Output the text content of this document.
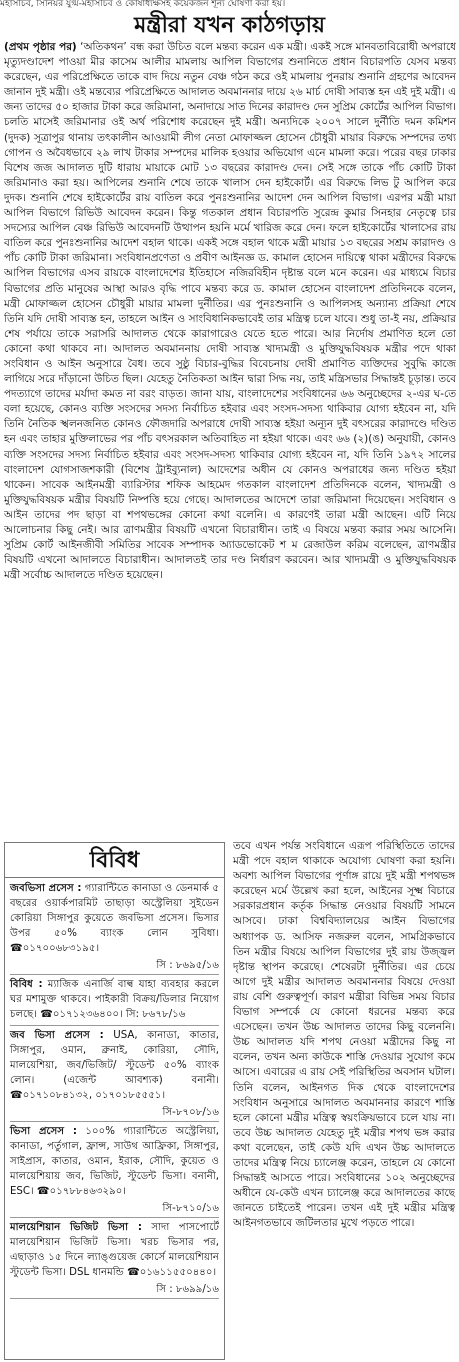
মহাসচিব, সিনিয়র যুগ্ম-মহাসচিব ও কোষাধ্যক্ষসহ কয়েকজন শূন্য ঘোষণা করা হয়।
মন্ত্রীরা যখন কাঠগড়ায়

(প্রথম পৃষ্ঠার পর) ‘অতিকথন’ বন্ধ করা উচিত বলে মন্তব্য করেন এক মন্ত্রী। একই সঙ্গে মানবতাবিরোধী অপরাধে মৃত্যুদণ্ডাদেশ পাওয়া মীর কাসেম আলীর মামলায় আপিল বিভাগের শুনানিতে প্রধান বিচারপতি যেসব মন্তব্য করেছেন, এর পরিপ্রেক্ষিতে তাকে বাদ দিয়ে নতুন বেঞ্চ গঠন করে ওই মামলায় পুনরায় শুনানি গ্রহণের আবেদন জানান দুই মন্ত্রী। ওই মন্তব্যের পরিপ্রেক্ষিতে আদালত অবমাননার দায়ে ২৬ মার্চ দোষী সাব্যস্ত হন এই দুই মন্ত্রী। এ জন্য তাদের ৫০ হাজার টাকা করে জরিমানা, অনাদায়ে সাত দিনের কারাদণ্ড দেন সুপ্রিম কোর্টের আপিল বিভাগ। চলতি মাসেই জরিমানার ওই অর্থ পরিশোধ করেছেন দুই মন্ত্রী। অন্যদিকে ২০০৭ সালে দুর্নীতি দমন কমিশন (দুদক) সূত্রাপুর থানায় তৎকালীন আওয়ামী লীগ নেতা মোফাজ্জল হোসেন চৌধুরী মায়ার বিরুদ্ধে সম্পদের তথ্য গোপন ও অবৈধভাবে ২৯ লাখ টাকার সম্পদের মালিক হওয়ার অভিযোগ এনে মামলা করে। পরের বছর ঢাকার বিশেষ জজ আদালত দুটি ধারায় মায়াকে মোট ১৩ বছরের কারাদণ্ড দেন। সেই সঙ্গে তাকে পাঁচ কোটি টাকা জরিমানাও করা হয়। আপিলের শুনানি শেষে তাকে খালাস দেন হাইকোর্ট। এর বিরুদ্ধে লিভ টু আপিল করে দুদক। শুনানি শেষে হাইকোর্টের রায় বাতিল করে পুনঃশুনানির আদেশ দেন আপিল বিভাগ। এরপর মন্ত্রী মায়া আপিল বিভাগে রিভিউ আবেদন করেন। কিন্তু গতকাল প্রধান বিচারপতি সুরেন্দ্র কুমার সিনহার নেতৃত্বে চার সদস্যের আপিল বেঞ্চ রিভিউ আবেদনটি উত্থাপন হয়নি মর্মে খারিজ করে দেন। ফলে হাইকোর্টের খালাসের রায় বাতিল করে পুনঃশুনানির আদেশ বহাল থাকে। একই সঙ্গে বহাল থাকে মন্ত্রী মায়ার ১৩ বছরের সশ্রম কারাদণ্ড ও পাঁচ কোটি টাকা জরিমানা। সংবিধানপ্রণেতা ও প্রবীণ আইনজ্ঞ ড. কামাল হোসেন দায়িত্বে থাকা মন্ত্রীদের বিরুদ্ধে আপিল বিভাগের এসব রায়কে বাংলাদেশের ইতিহাসে নজিরবিহীন দৃষ্টান্ত বলে মনে করেন। এর মাধ্যমে বিচার বিভাগের প্রতি মানুষের আস্থা আরও বৃদ্ধি পাবে মন্তব্য করে ড. কামাল হোসেন বাংলাদেশ প্রতিদিনকে বলেন, মন্ত্রী মোফাজ্জল হোসেন চৌধুরী মায়ার মামলা দুর্নীতির। এর পুনঃশুনানি ও আপিলসহ অন্যান্য প্রক্রিয়া শেষে তিনি যদি দোষী সাব্যস্ত হন, তাহলে আইন ও সাংবিধানিকভাবেই তার মন্ত্রিত্ব চলে যাবে। শুধু তা-ই নয়, প্রক্রিয়ার শেষ পর্যায়ে তাকে সরাসরি আদালত থেকে কারাগারেও যেতে হতে পারে। আর নির্দোষ প্রমাণিত হলে তো কোনো কথা থাকবে না। আদালত অবমাননায় দোষী সাব্যস্ত খাদ্যমন্ত্রী ও মুক্তিযুদ্ধবিষয়ক মন্ত্রীর পদে থাকা সংবিধান ও আইন অনুসারে বৈধ। তবে সুষ্ঠু বিচার-বুদ্ধির বিবেচনায় দোষী প্রমাণিত ব্যক্তিদের সুবুদ্ধি কাজে লাগিয়ে সরে দাঁড়ানো উচিত ছিল। যেহেতু নৈতিকতা আইন দ্বারা সিদ্ধ নয়, তাই মন্ত্রিসভার সিদ্ধান্তই চূড়ান্ত। তবে পদত্যাগে তাদের মর্যাদা কমত না বরং বাড়ত। জানা যায়, বাংলাদেশের সংবিধানের ৬৬ অনুচ্ছেদের ২-এর ঘ-তে বলা হয়েছে, কোনও ব্যক্তি সংসদের সদস্য নির্বাচিত হইবার এবং সংসদ-সদস্য থাকিবার যোগ্য হইবেন না, যদি তিনি নৈতিক স্খলনজনিত কোনও ফৌজদারি অপরাধে দোষী সাব্যস্ত হইয়া অন্যূন দুই বৎসরের কারাদণ্ডে দণ্ডিত হন এবং তাহার মুক্তিলাভের পর পাঁচ বৎসরকাল অতিবাহিত না হইয়া থাকে। এবং ৬৬ (২)(ঙ) অনুযায়ী, কোনও ব্যক্তি সংসদের সদস্য নির্বাচিত হইবার এবং সংসদ-সদস্য থাকিবার যোগ্য হইবেন না, যদি তিনি ১৯৭২ সালের বাংলাদেশ যোগসাজশকারী (বিশেষ ট্রাইব্যুনাল) আদেশের অধীন যে কোনও অপরাধের জন্য দণ্ডিত হইয়া থাকেন। সাবেক আইনমন্ত্রী ব্যারিস্টার শফিক আহমেদ গতকাল বাংলাদেশ প্রতিদিনকে বলেন, খাদ্যমন্ত্রী ও মুক্তিযুদ্ধবিষয়ক মন্ত্রীর বিষয়টি নিষ্পত্তি হয়ে গেছে। আদালতের আদেশে তারা জরিমানা দিয়েছেন। সংবিধান ও আইন তাদের পদ ছাড়া বা শপথভঙ্গের কোনো কথা বলেনি। এ কারণেই তারা মন্ত্রী আছেন। এটি নিয়ে আলোচনার কিছু নেই। আর ত্রাণমন্ত্রীর বিষয়টি এখনো বিচারাধীন। তাই এ বিষয়ে মন্তব্য করার সময় আসেনি। সুপ্রিম কোর্ট আইনজীবী সমিতির সাবেক সম্পাদক অ্যাডভোকেট শ ম রেজাউল করিম বলেছেন, ত্রাণমন্ত্রীর বিষয়টি এখনো আদালতে বিচারাধীন। আদালতই তার দণ্ড নির্ধারণ করবেন। আর খাদ্যমন্ত্রী ও মুক্তিযুদ্ধবিষয়ক মন্ত্রী সর্বোচ্চ আদালতে দণ্ডিত হয়েছেন।

বিবিধ
জবভিসা প্রসেস : গ্যারান্টিতে কানাডা ও ডেনমার্ক ৫ বছরের ওয়ার্কপারমিট তাছাড়া অস্ট্রেলিয়া সুইডেন কোরিয়া সিঙ্গাপুর কুয়েতে জবভিসা প্রসেস। ভিসার উপর ৫০% ব্যাংক লোন সুবিধা। ☎০১৭০০৬৮৩১৯৫।
সি : ৮৬৯৫/১৬
বিবিধ : ম্যাজিক এনার্জি বাল্ব যাহা ব্যবহার করলে ঘর মশামুক্ত থাকবে। পাইকারী বিক্রয়/ডিলার নিয়োগ চলছে। ☎০১৭১২৩৬৪০০। সি: ৮৬৭৮/১৬
জব ভিসা প্রসেস : USA, কানাডা, কাতার, সিঙ্গাপুর, ওমান, ব্রুনাই, কোরিয়া, সৌদি, মালয়েশিয়া, জব/ভিজিট/ স্টুডেন্ট ৫০% ব্যাংক লোন। (এজেন্ট আবশ্যক) বনানী। ☎০১৭১০৮৪১৩২, ০১৭০১৮৫৫৫১।
সি-৮৭০৮/১৬
ভিসা প্রসেস : ১০০% গ্যারান্টিতে অস্ট্রেলিয়া, কানাডা, পর্তুগাল, ফ্রান্স, সাউথ আফ্রিকা, সিঙ্গাপুর, সাইপ্রাস, কাতার, ওমান, ইরাক, সৌদি, কুয়েত ও মালয়েশিয়ায় জব, ভিজিট, স্টুডেন্ট ভিসা। বনানী, ESC। ☎০১৭৮৮৪৬৩২৯০।
সি-৮৭১০/১৬
মালয়েশিয়ান ভিজিট ভিসা : সাদা পাসপোর্টে মালয়েশিয়ান ভিজিট ভিসা। খরচ ভিসার পর, এছাড়াও ১৫ দিনে ল্যাঙ্গুয়েজ কোর্সে মালয়েশিয়ান স্টুডেন্ট ভিসা। DSL ধানমন্ডি ☎০১৬১১৫৫০৪৪০।
সি : ৮৬৯৯/১৬

তবে এখন পর্যন্ত সংবিধানে এরূপ পরিস্থিতিতে তাদের মন্ত্রী পদে বহাল থাকাকে অযোগ্য ঘোষণা করা হয়নি। অবশ্য আপিল বিভাগের পূর্ণাঙ্গ রায়ে দুই মন্ত্রী শপথভঙ্গ করেছেন মর্মে উল্লেখ করা হলে, আইনের সূক্ষ্ম বিচারে সরকারপ্রধান কর্তৃক সিদ্ধান্ত নেওয়ার বিষয়টি সামনে আসবে। ঢাকা বিশ্ববিদ্যালয়ের আইন বিভাগের অধ্যাপক ড. আসিফ নজরুল বলেন, সামগ্রিকভাবে তিন মন্ত্রীর বিষয়ে আপিল বিভাগের দুই রায় উজ্জ্বল দৃষ্টান্ত স্থাপন করেছে। শেষেরটা দুর্নীতির। এর চেয়ে আগে দুই মন্ত্রীর আদালত অবমাননার বিষয়ে দেওয়া রায় বেশি গুরুত্বপূর্ণ। কারণ মন্ত্রীরা বিভিন্ন সময় বিচার বিভাগ সম্পর্কে যে কোনো ধরনের মন্তব্য করে এসেছেন। তখন উচ্চ আদালত তাদের কিছু বলেননি। উচ্চ আদালত যদি শপথ নেওয়া মন্ত্রীদের কিছু না বলেন, তখন অন্য কাউকে শাস্তি দেওয়ার সুযোগ কমে আসে। এবারের এ রায় সেই পরিস্থিতির অবসান ঘটাল। তিনি বলেন, আইনগত দিক থেকে বাংলাদেশের সংবিধান অনুসারে আদালত অবমাননার কারণে শাস্তি হলে কোনো মন্ত্রীর মন্ত্রিত্ব স্বয়ংক্রিয়ভাবে চলে যায় না। তবে উচ্চ আদালত যেহেতু দুই মন্ত্রীর শপথ ভঙ্গ করার কথা বলেছেন, তাই কেউ যদি এখন উচ্চ আদালতে তাদের মন্ত্রিত্ব নিয়ে চ্যালেঞ্জ করেন, তাহলে যে কোনো সিদ্ধান্তই আসতে পারে। সংবিধানের ১০২ অনুচ্ছেদের অধীনে যে-কেউ এখন চ্যালেঞ্জ করে আদালতের কাছে জানতে চাইতেই পারেন। তখন এই দুই মন্ত্রীর মন্ত্রিত্ব আইনগতভাবে জটিলতার মুখে পড়তে পারে।
